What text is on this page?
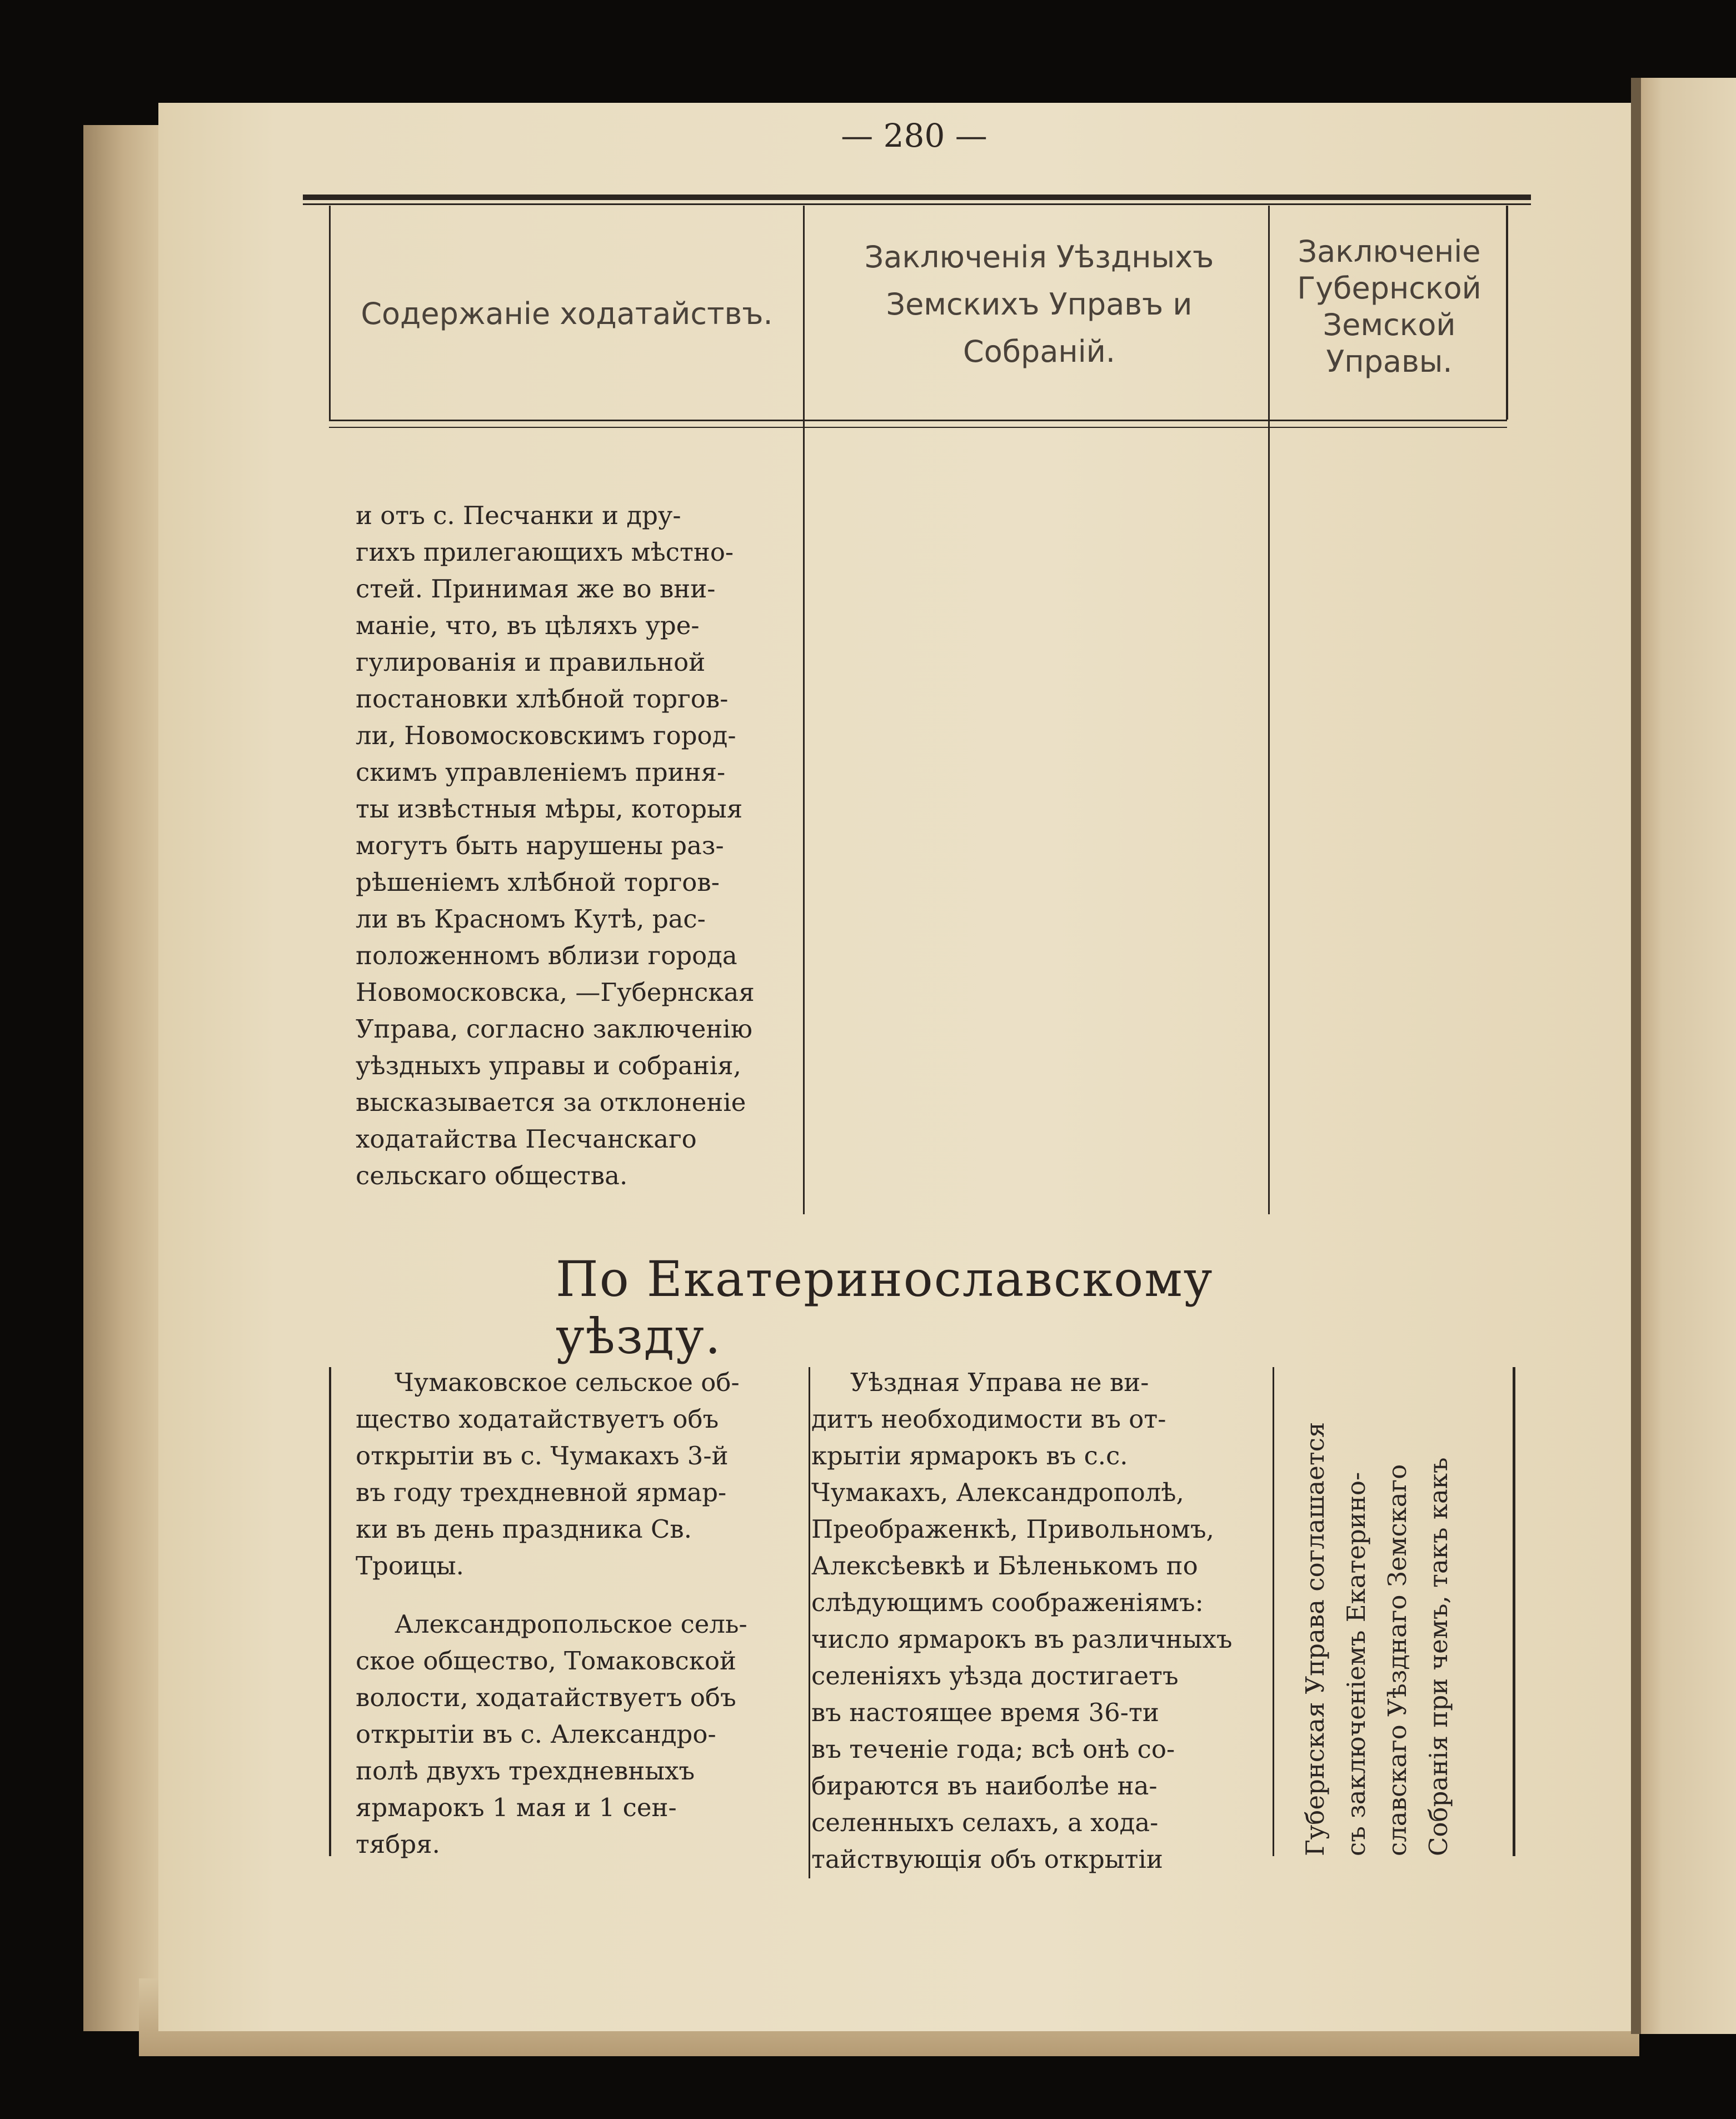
— 280 —
Содержаніе ходатайствъ.
Заключенія Уѣздныхъ
Земскихъ Управъ и
Собраній.
Заключеніе
Губернской
Земской
Управы.
и отъ с. Песчанки и дру-
гихъ прилегающихъ мѣстно-
стей. Принимая же во вни-
маніе, что, въ цѣляхъ уре-
гулированія и правильной
постановки хлѣбной торгов-
ли, Новомосковскимъ город-
скимъ управленіемъ приня-
ты извѣстныя мѣры, которыя
могутъ быть нарушены раз-
рѣшеніемъ хлѣбной торгов-
ли въ Красномъ Кутѣ, рас-
положенномъ вблизи города
Новомосковска, —Губернская
Управа, согласно заключенію
уѣздныхъ управы и собранія,
высказывается за отклоненіе
ходатайства Песчанскаго
сельскаго общества.
По Екатеринославскому уѣзду.
Чумаковское сельское об-
щество ходатайствуетъ объ
открытіи въ с. Чумакахъ 3-й
въ году трехдневной ярмар-
ки въ день праздника Св.
Троицы.
Александропольское сель-
ское общество, Томаковской
волости, ходатайствуетъ объ
открытіи въ с. Александро-
полѣ двухъ трехдневныхъ
ярмарокъ 1 мая и 1 сен-
тября.
Уѣздная Управа не ви-
дитъ необходимости въ от-
крытіи ярмарокъ въ с.с.
Чумакахъ, Александрополѣ,
Преображенкѣ, Привольномъ,
Алексѣевкѣ и Бѣленькомъ по
слѣдующимъ соображеніямъ:
число ярмарокъ въ различныхъ
селеніяхъ уѣзда достигаетъ
въ настоящее время 36-ти
въ теченіе года; всѣ онѣ со-
бираются въ наиболѣе на-
селенныхъ селахъ, а хода-
тайствующія объ открытіи
Губернская Управа соглашается съ заключеніемъ Екатерино- славскаго Уѣзднаго Земскаго Собранія при чемъ, такъ какъ
